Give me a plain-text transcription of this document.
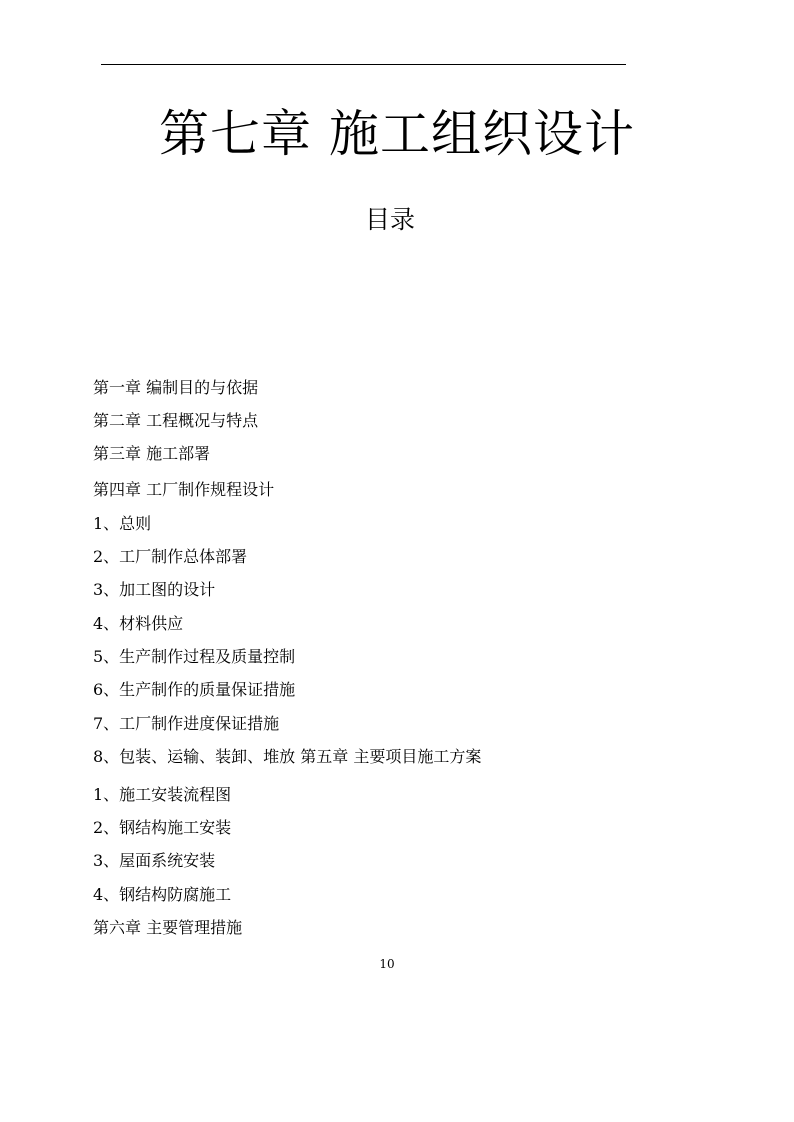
第七章 施工组织设计
目录
第一章 编制目的与依据
第二章 工程概况与特点
第三章 施工部署
第四章 工厂制作规程设计
1、总则
2、工厂制作总体部署
3、加工图的设计
4、材料供应
5、生产制作过程及质量控制
6、生产制作的质量保证措施
7、工厂制作进度保证措施
8、包装、运输、装卸、堆放 第五章 主要项目施工方案
1、施工安装流程图
2、钢结构施工安装
3、屋面系统安装
4、钢结构防腐施工
第六章 主要管理措施
10
